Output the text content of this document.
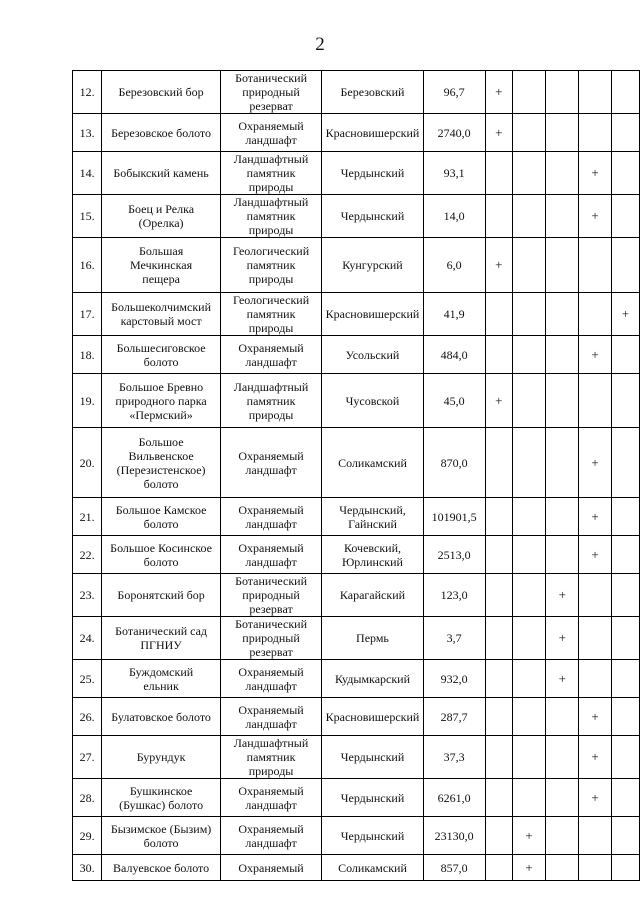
2
12.	Березовский бор	Ботанический
природный резерват	Березовский	96,7	+				
13.	Березовское болото	Охраняемый
ландшафт	Красновишерский	2740,0	+				
14.	Бобыкский камень	Ландшафтный
памятник природы	Чердынский	93,1				+	
15.	Боец и Релка
(Орелка)	Ландшафтный
памятник природы	Чердынский	14,0				+	
16.	Большая
Мечкинская
пещера	Геологический
памятник природы	Кунгурский	6,0	+				
17.	Большеколчимский
карстовый мост	Геологический
памятник природы	Красновишерский	41,9					+
18.	Большесиговское
болото	Охраняемый
ландшафт	Усольский	484,0				+	
19.	Большое Бревно
природного парка
«Пермский»	Ландшафтный
памятник природы	Чусовской	45,0	+				
20.	Большое
Вильвенское
(Перезистенское)
болото	Охраняемый
ландшафт	Соликамский	870,0				+	
21.	Большое Камское
болото	Охраняемый
ландшафт	Чердынский,
Гайнский	101901,5				+	
22.	Большое Косинское
болото	Охраняемый
ландшафт	Кочевский,
Юрлинский	2513,0				+	
23.	Боронятский бор	Ботанический
природный резерват	Карагайский	123,0			+		
24.	Ботанический сад
ПГНИУ	Ботанический
природный резерват	Пермь	3,7			+		
25.	Буждомский
ельник	Охраняемый
ландшафт	Кудымкарский	932,0			+		
26.	Булатовское болото	Охраняемый
ландшафт	Красновишерский	287,7				+	
27.	Бурундук	Ландшафтный
памятник природы	Чердынский	37,3				+	
28.	Бушкинское
(Бушкас) болото	Охраняемый
ландшафт	Чердынский	6261,0				+	
29.	Бызимское (Бызим)
болото	Охраняемый
ландшафт	Чердынский	23130,0		+			
30.	Валуевское болото	Охраняемый	Соликамский	857,0		+			
